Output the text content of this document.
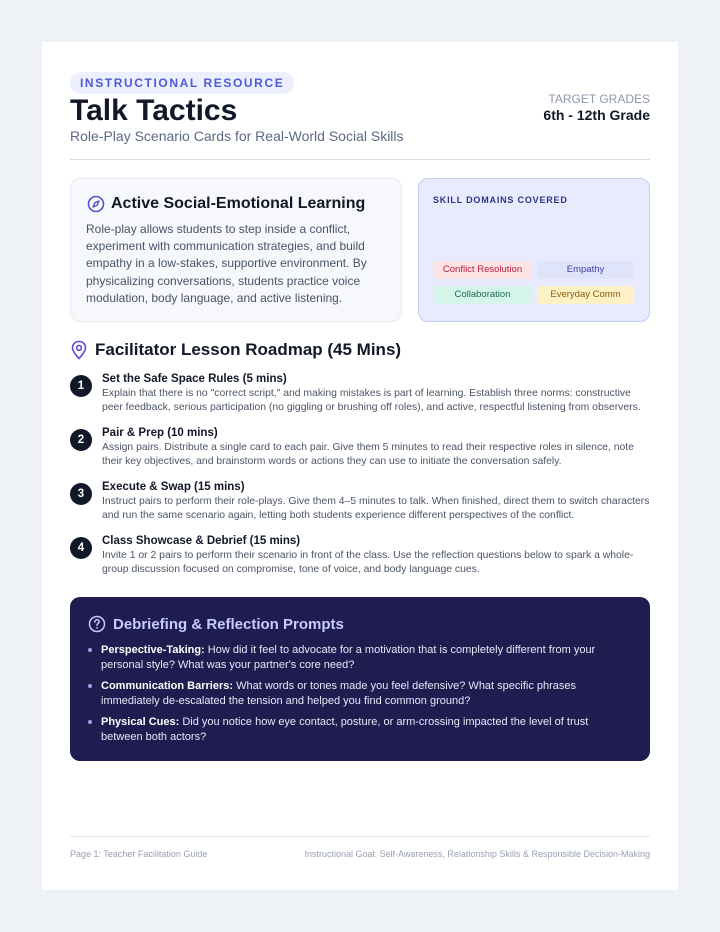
INSTRUCTIONAL RESOURCE
Talk Tactics
Role-Play Scenario Cards for Real-World Social Skills
TARGET GRADES
6th - 12th Grade
Active Social-Emotional Learning

Role-play allows students to step inside a conflict, experiment with communication strategies, and build empathy in a low-stakes, supportive environment. By physicalizing conversations, students practice voice modulation, body language, and active listening.

SKILL DOMAINS COVERED
Conflict Resolution	Empathy
Collaboration	Everyday Comm
Facilitator Lesson Roadmap (45 Mins)
1
Set the Safe Space Rules (5 mins)
Explain that there is no "correct script," and making mistakes is part of learning. Establish three norms: constructive peer feedback, serious participation (no giggling or brushing off roles), and active, respectful listening from observers.
2
Pair & Prep (10 mins)
Assign pairs. Distribute a single card to each pair. Give them 5 minutes to read their respective roles in silence, note their key objectives, and brainstorm words or actions they can use to initiate the conversation safely.
3
Execute & Swap (15 mins)
Instruct pairs to perform their role-plays. Give them 4–5 minutes to talk. When finished, direct them to switch characters and run the same scenario again, letting both students experience different perspectives of the conflict.
4
Class Showcase & Debrief (15 mins)
Invite 1 or 2 pairs to perform their scenario in front of the class. Use the reflection questions below to spark a whole-group discussion focused on compromise, tone of voice, and body language cues.
Debriefing & Reflection Prompts
Perspective-Taking: How did it feel to advocate for a motivation that is completely different from your personal style? What was your partner's core need?
Communication Barriers: What words or tones made you feel defensive? What specific phrases immediately de-escalated the tension and helped you find common ground?
Physical Cues: Did you notice how eye contact, posture, or arm-crossing impacted the level of trust between both actors?
Page 1: Teacher Facilitation Guide	Instructional Goal: Self-Awareness, Relationship Skills & Responsible Decision-Making
